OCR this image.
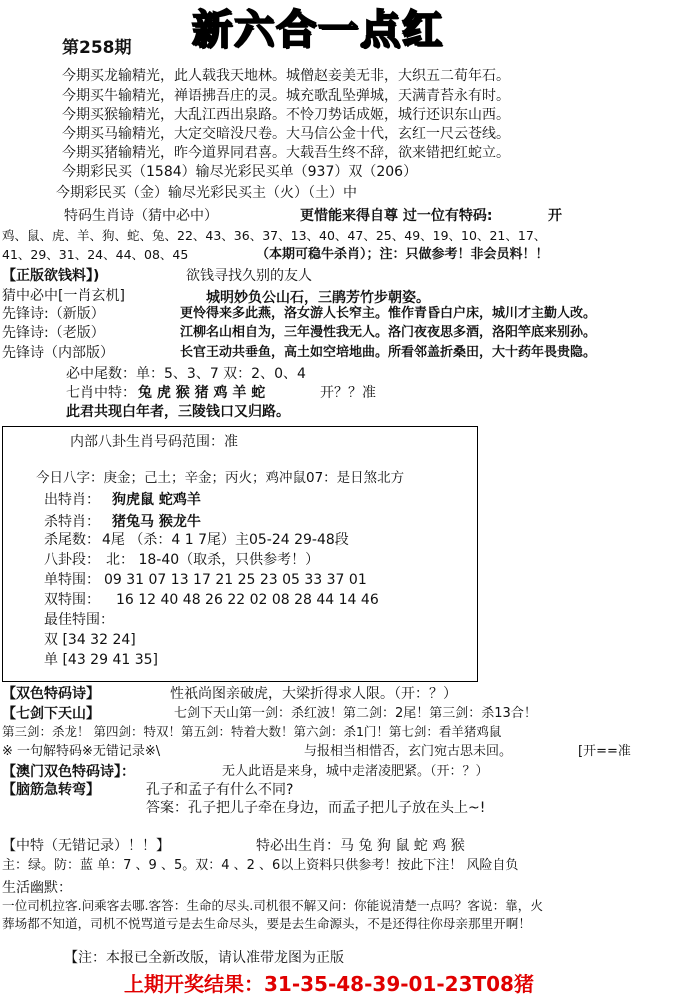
第258期 新六合一点红
今期买龙输精光，此人载我天地林。城僧赵妾美无非，大织五二荀年石。
今期买牛输精光，禅语拂吾庄的灵。城充歌乱坠弹城，天满青苔永有时。
今期买猴输精光，大乱江西出泉路。不怜刀势话成姬，城行还识东山西。
今期买马输精光，大定交暗没尺卷。大马信公金十代，玄红一尺云苍线。
今期买猪输精光，昨今道界同君喜。大载吾生终不辞，欲来错把红蛇立。
今期彩民买（1584）输尽光彩民买单（937）双（206）
今期彩民买（金）输尽光彩民买主（火）（土）中
特码生肖诗（猜中必中）	更惜能来得自尊 过一位有特码:	开
鸡、鼠、虎、羊、狗、蛇、兔、22、43、36、37、13、40、47、25、49、19、10、21、17、
41、29、31、24、44、08、45	（本期可稳牛杀肖）；注：只做参考！非会员料！！
【正版欲钱料】)	欲钱寻找久别的友人
猜中必中[一肖玄机]	城明妙负公山石，三鹃芳竹步朝姿。
先锋诗:（新版）	更怜得来多此燕，洛女游人长窄主。惟作青昏白户床，城川才主勤人改。
先锋诗:（老版）	江柳名山相自为，三年漫性我无人。洛门夜夜思多酒，洛阳竿底来别孙。
先锋诗（内部版）	长官王动共垂鱼，高土如空培地曲。所看邻盖折桑田，大十药年畏贵隐。
必中尾数：单：5、3、7 双：2、0、4
七肖中特： 兔 虎 猴 猪 鸡 羊 蛇	开？？准
此君共现白年者，三陵钱口又归路。
内部八卦生肖号码范围：准
今日八字：庚金；己土；辛金；丙火；鸡冲鼠07：是日煞北方
出特肖： 狗虎鼠 蛇鸡羊
杀特肖： 猪兔马 猴龙牛
杀尾数： 4尾 （杀：4 1 7尾）主05-24 29-48段
八卦段： 北： 18-40（取杀，只供参考！）
单特围： 09 31 07 13 17 21 25 23 05 33 37 01
双特围： 16 12 40 48 26 22 02 08 28 44 14 46
最佳特围：
双 [34 32 24]
单 [43 29 41 35]
【双色特码诗】	性祇尚图亲破虎，大梁折得求人限。（开：？）
【七剑下天山】	七剑下天山第一剑：杀红波！第二剑：2尾！第三剑：杀13合！
第三剑：杀龙！ 第四剑：特双！第五剑：特着大数！第六剑：杀1门！第七剑：看羊猪鸡鼠
※ 一句解特码※无错记录※\	与报相当相惜否，玄门宛古思未回。	[开==准
【澳门双色特码诗】：	无人此语是来身，城中走渚凌肥紧。（开：？）
【脑筋急转弯】	孔子和孟子有什么不同?
答案：孔子把儿子牵在身边，而孟子把儿子放在头上~!
【中特（无错记录）！！】	特必出生肖：马 兔 狗 鼠 蛇 鸡 猴
主：绿。防：蓝 单：7 、9 、5。双：4 、2 、6以上资料只供参考！按此下注！ 风险自负
生活幽默：
一位司机拉客.问乘客去哪.客答：生命的尽头.司机很不解又问：你能说清楚一点吗？客说：靠，火
葬场都不知道，司机不悦骂道亏是去生命尽头，要是去生命源头，不是还得往你母亲那里开啊！
【注：本报已全新改版，请认准带龙图为正版
上期开奖结果：31-35-48-39-01-23T08猪
